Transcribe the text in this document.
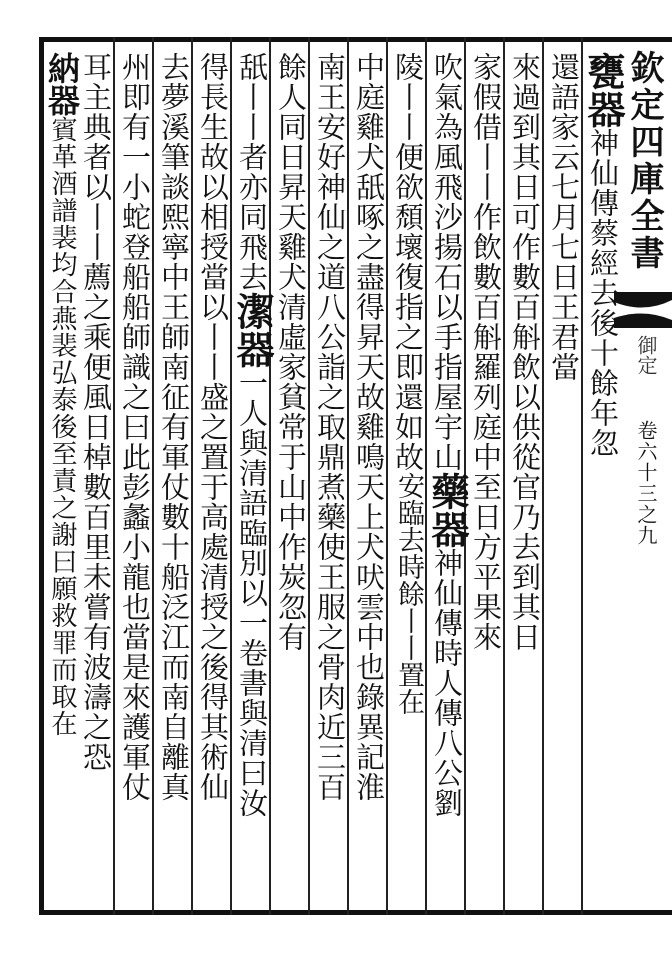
欽定四庫全書
御定
卷六十三之九
甕器神仙傳蔡經去後十餘年忽
還語家云七月七日王君當
來過到其日可作數百斛飲以供從官乃去到其日
家假借丨丨作飲數百斛羅列庭中至日方平果來
吹氣為風飛沙揚石以手指屋宇山藥器神仙傳時人傳八公劉
陵丨丨便欲頹壞復指之即還如故安臨去時餘丨丨置在
中庭雞犬舐啄之盡得昇天故雞鳴天上犬吠雲中也錄異記淮
南王安好神仙之道八公詣之取鼎煮藥使王服之骨肉近三百
餘人同日昇天雞犬清虛家貧常于山中作炭忽有
舐丨丨者亦同飛去潔器一人與清語臨別以一卷書與清曰汝
得長生故以相授當以丨丨盛之置于高處清授之後得其術仙
去夢溪筆談熙寧中王師南征有軍仗數十船泛江而南自離真
州即有一小蛇登船船師識之曰此彭蠡小龍也當是來護軍仗
耳主典者以丨丨薦之乘便風日棹數百里未嘗有波濤之恐
納器賓革酒譜裴均合燕裴弘泰後至責之謝曰願救罪而取在
